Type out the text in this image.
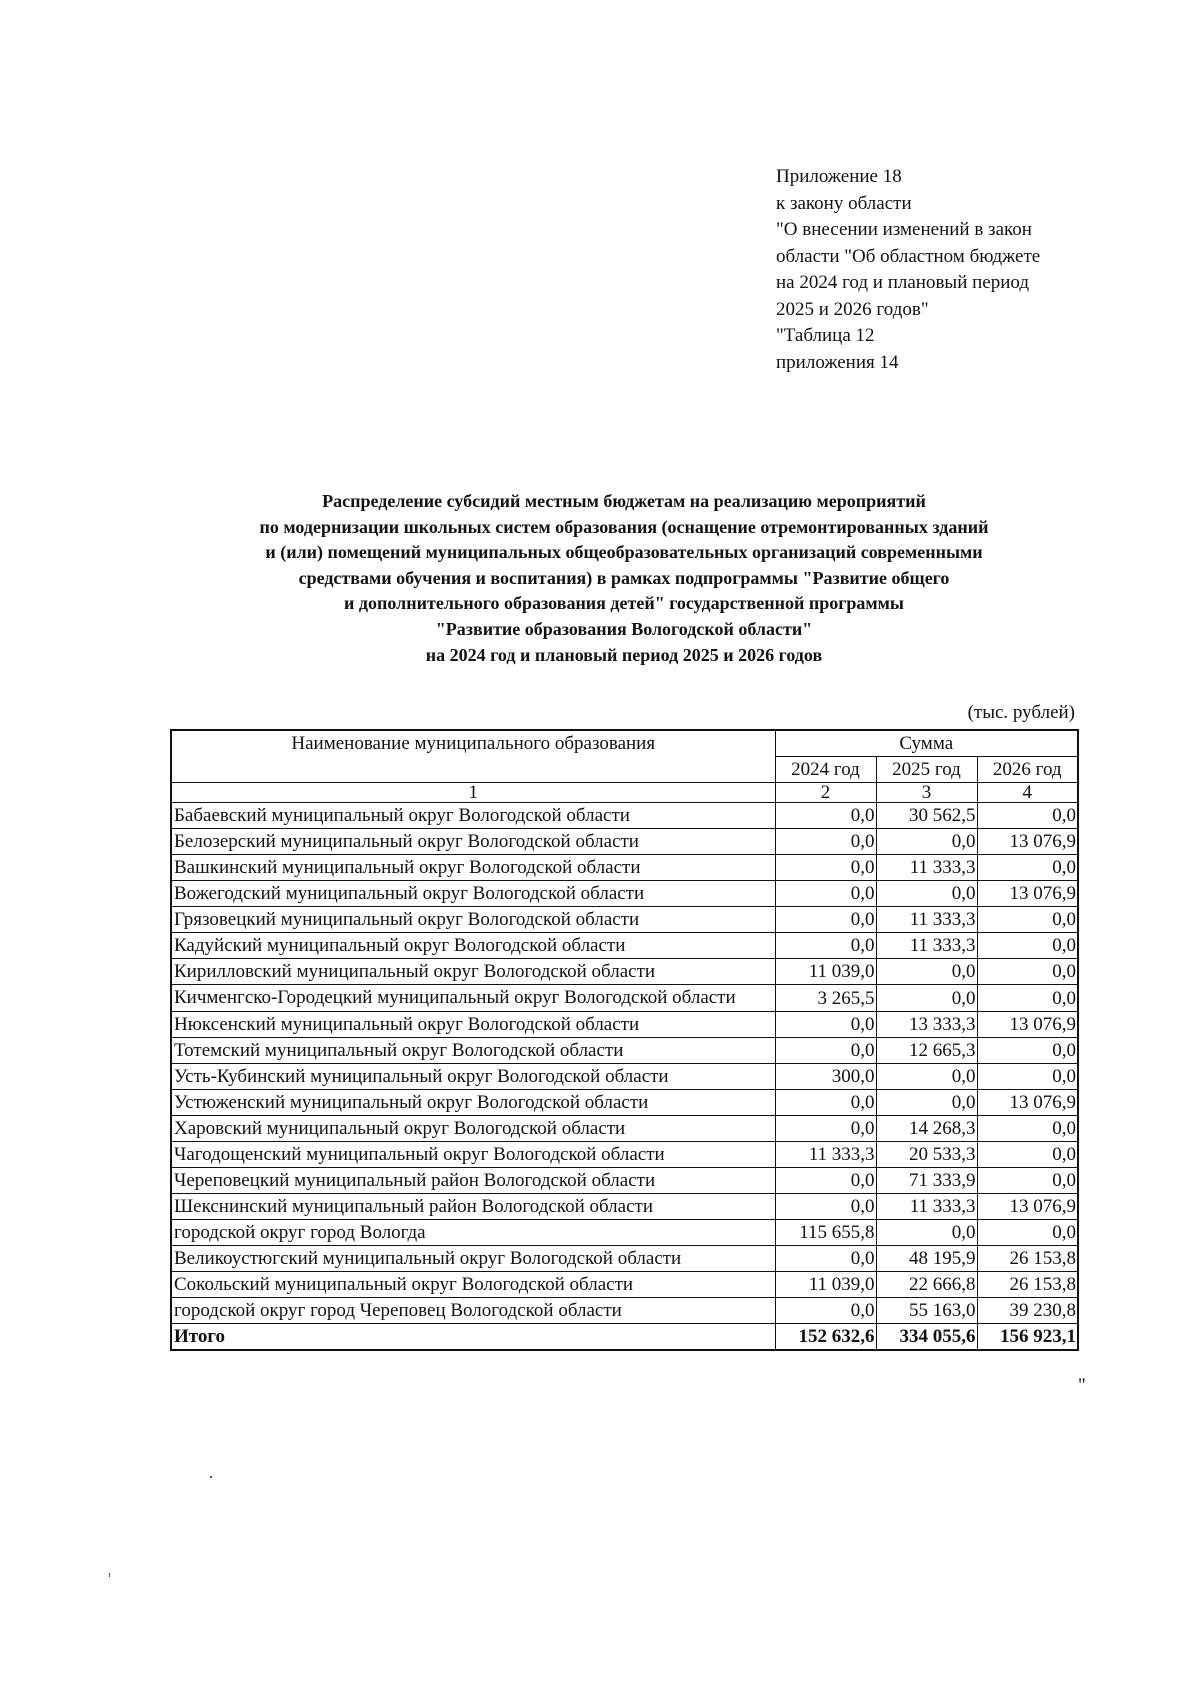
Приложение 18
к закону области
"О внесении изменений в закон
области "Об областном бюджете
на 2024 год и плановый период
2025 и 2026 годов"
"Таблица 12
приложения 14
Распределение субсидий местным бюджетам на реализацию мероприятий
по модернизации школьных систем образования (оснащение отремонтированных зданий
и (или) помещений муниципальных общеобразовательных организаций современными
средствами обучения и воспитания) в рамках подпрограммы "Развитие общего
и дополнительного образования детей" государственной программы
"Развитие образования Вологодской области"
на 2024 год и плановый период 2025 и 2026 годов
(тыс. рублей)
Наименование муниципального образования	Сумма		
	2024 год	2025 год	2026 год
1	2	3	4
Бабаевский муниципальный округ Вологодской области	0,0	30 562,5	0,0
Белозерский муниципальный округ Вологодской области	0,0	0,0	13 076,9
Вашкинский муниципальный округ Вологодской области	0,0	11 333,3	0,0
Вожегодский муниципальный округ Вологодской области	0,0	0,0	13 076,9
Грязовецкий муниципальный округ Вологодской области	0,0	11 333,3	0,0
Кадуйский муниципальный округ Вологодской области	0,0	11 333,3	0,0
Кирилловский муниципальный округ Вологодской области	11 039,0	0,0	0,0
Кичменгско-Городецкий муниципальный округ Вологодской области	3 265,5	0,0	0,0
Нюксенский муниципальный округ Вологодской области	0,0	13 333,3	13 076,9
Тотемский муниципальный округ Вологодской области	0,0	12 665,3	0,0
Усть-Кубинский муниципальный округ Вологодской области	300,0	0,0	0,0
Устюженский муниципальный округ Вологодской области	0,0	0,0	13 076,9
Харовский муниципальный округ Вологодской области	0,0	14 268,3	0,0
Чагодощенский муниципальный округ Вологодской области	11 333,3	20 533,3	0,0
Череповецкий муниципальный район Вологодской области	0,0	71 333,9	0,0
Шекснинский муниципальный район Вологодской области	0,0	11 333,3	13 076,9
городской округ город Вологда	115 655,8	0,0	0,0
Великоустюгский муниципальный округ Вологодской области	0,0	48 195,9	26 153,8
Сокольский муниципальный округ Вологодской области	11 039,0	22 666,8	26 153,8
городской округ город Череповец Вологодской области	0,0	55 163,0	39 230,8
Итого	152 632,6	334 055,6	156 923,1
"
